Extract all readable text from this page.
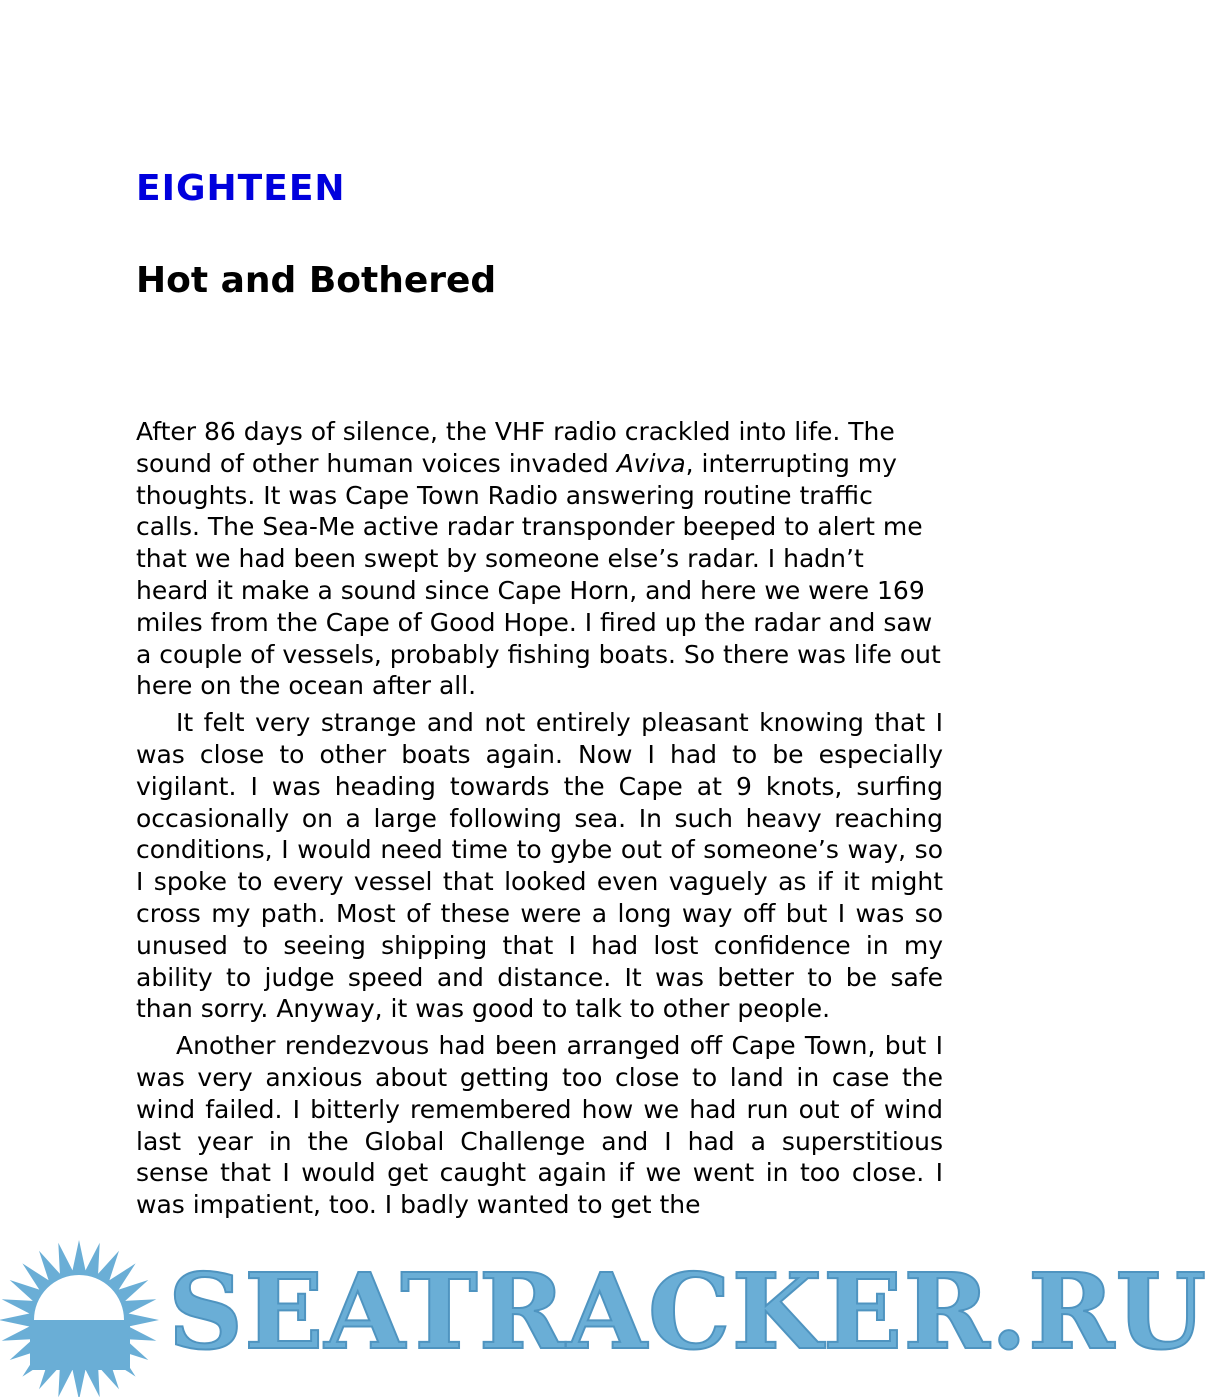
EIGHTEEN
Hot and Bothered

After 86 days of silence, the VHF radio crackled into life. The sound of other human voices invaded Aviva, interrupting my thoughts. It was Cape Town Radio answering routine traffic calls. The Sea-Me active radar transponder beeped to alert me that we had been swept by someone else’s radar. I hadn’t heard it make a sound since Cape Horn, and here we were 169 miles from the Cape of Good Hope. I fired up the radar and saw a couple of vessels, probably fishing boats. So there was life out here on the ocean after all.

It felt very strange and not entirely pleasant knowing that I was close to other boats again. Now I had to be especially vigilant. I was heading towards the Cape at 9 knots, surfing occasionally on a large following sea. In such heavy reaching conditions, I would need time to gybe out of someone’s way, so I spoke to every vessel that looked even vaguely as if it might cross my path. Most of these were a long way off but I was so unused to seeing shipping that I had lost confidence in my ability to judge speed and distance. It was better to be safe than sorry. Anyway, it was good to talk to other people.

Another rendezvous had been arranged off Cape Town, but I was very anxious about getting too close to land in case the wind failed. I bitterly remembered how we had run out of wind last year in the Global Challenge and I had a superstitious sense that I would get caught again if we went in too close. I was impatient, too. I badly wanted to get the

SEATRACKER.RU
